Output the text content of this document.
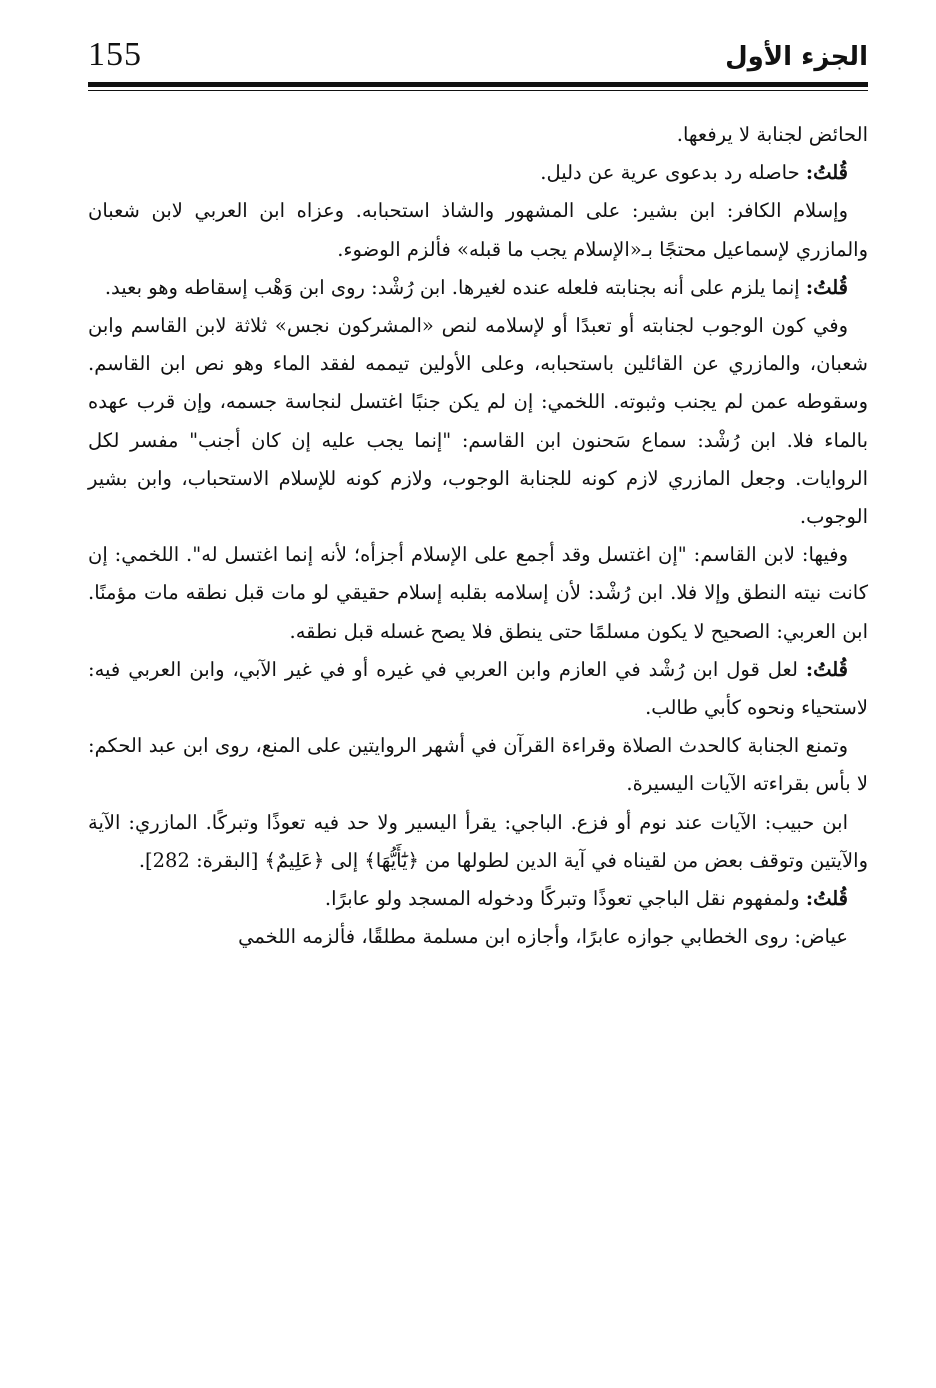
155	الجزء الأول

الحائض لجنابة لا يرفعها.

قُلتُ: حاصله رد بدعوى عرية عن دليل.

وإسلام الكافر: ابن بشير: على المشهور والشاذ استحبابه. وعزاه ابن العربي لابن شعبان والمازري لإسماعيل محتجًا بـ«الإسلام يجب ما قبله» فألزم الوضوء.

قُلتُ: إنما يلزم على أنه بجنابته فلعله عنده لغيرها. ابن رُشْد: روى ابن وَهْب إسقاطه وهو بعيد.

وفي كون الوجوب لجنابته أو تعبدًا أو لإسلامه لنص «المشركون نجس» ثلاثة لابن القاسم وابن شعبان، والمازري عن القائلين باستحبابه، وعلى الأولين تيممه لفقد الماء وهو نص ابن القاسم. وسقوطه عمن لم يجنب وثبوته. اللخمي: إن لم يكن جنبًا اغتسل لنجاسة جسمه، وإن قرب عهده بالماء فلا. ابن رُشْد: سماع سَحنون ابن القاسم: "إنما يجب عليه إن كان أجنب" مفسر لكل الروايات. وجعل المازري لازم كونه للجنابة الوجوب، ولازم كونه للإسلام الاستحباب، وابن بشير الوجوب.

وفيها: لابن القاسم: "إن اغتسل وقد أجمع على الإسلام أجزأه؛ لأنه إنما اغتسل له". اللخمي: إن كانت نيته النطق وإلا فلا. ابن رُشْد: لأن إسلامه بقلبه إسلام حقيقي لو مات قبل نطقه مات مؤمنًا. ابن العربي: الصحيح لا يكون مسلمًا حتى ينطق فلا يصح غسله قبل نطقه.

قُلتُ: لعل قول ابن رُشْد في العازم وابن العربي في غيره أو في غير الآبي، وابن العربي فيه: لاستحياء ونحوه كأبي طالب.

وتمنع الجنابة كالحدث الصلاة وقراءة القرآن في أشهر الروايتين على المنع، روى ابن عبد الحكم: لا بأس بقراءته الآيات اليسيرة.

ابن حبيب: الآيات عند نوم أو فزع. الباجي: يقرأ اليسير ولا حد فيه تعوذًا وتبركًا. المازري: الآية والآيتين وتوقف بعض من لقيناه في آية الدين لطولها من ﴿يَٰٓأَيُّهَا﴾ إلى ﴿عَلِيمٌ﴾ [البقرة: 282].

قُلتُ: ولمفهوم نقل الباجي تعوذًا وتبركًا ودخوله المسجد ولو عابرًا.

عياض: روى الخطابي جوازه عابرًا، وأجازه ابن مسلمة مطلقًا، فألزمه اللخمي
